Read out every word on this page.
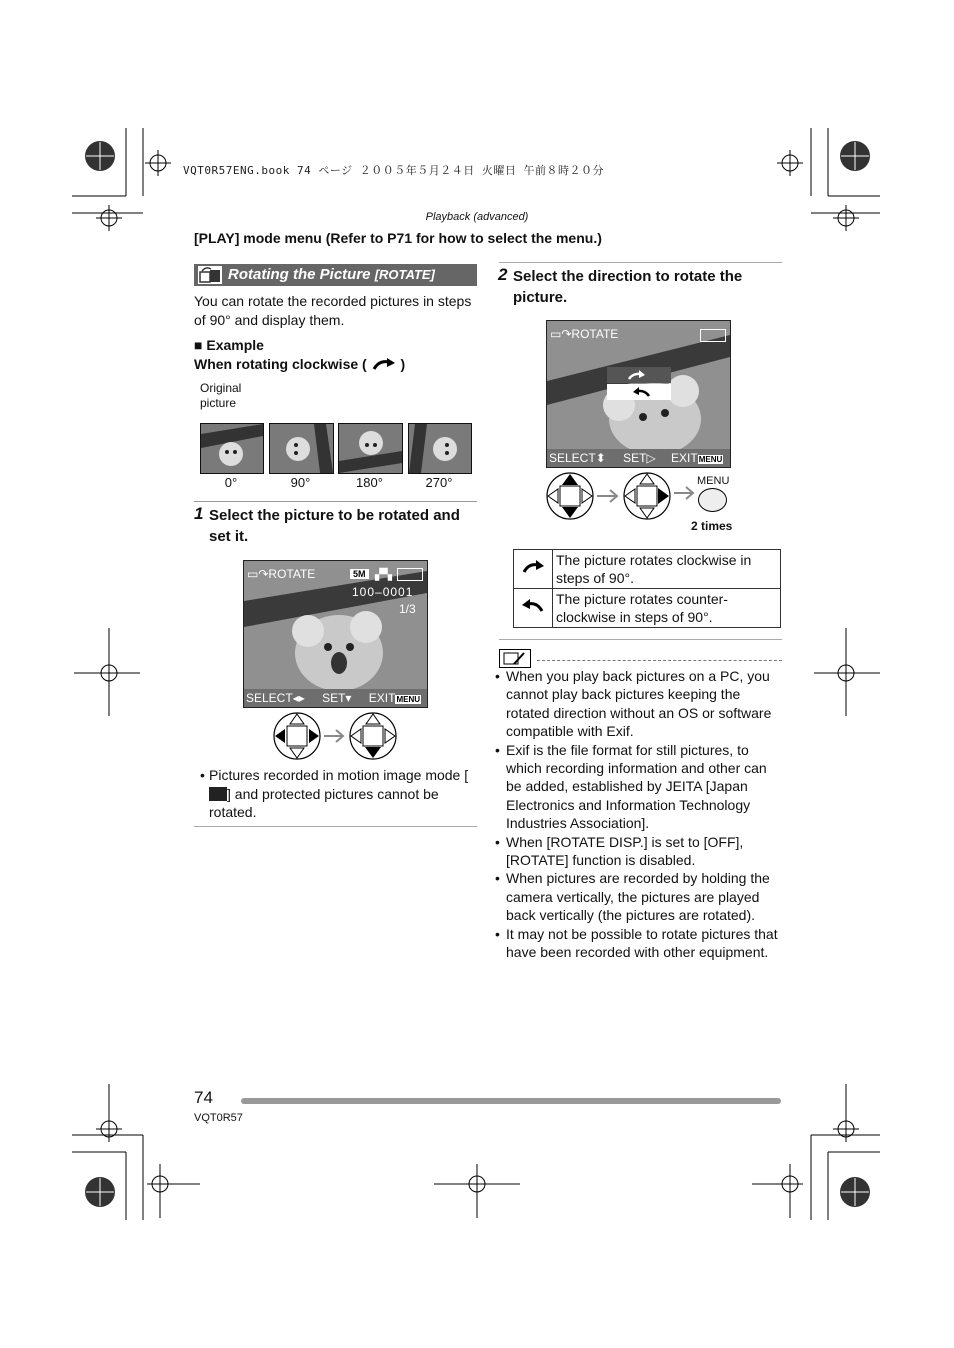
VQT0R57ENG.book 74 ページ ２００５年５月２４日 火曜日 午前８時２０分
Playback (advanced)
[PLAY] mode menu (Refer to P71 for how to select the menu.)
Rotating the Picture [ROTATE]
You can rotate the recorded pictures in steps of 90° and display them.
■ Example
When rotating clockwise ( )
Original
picture
0°	90°	180°	270°
1 Select the picture to be rotated and set it.
▭↷ROTATE	5M ▞▚
100–0001
1/3
SELECT◂▸ SET▾ EXITMENU
• Pictures recorded in motion image mode [] and protected pictures cannot be rotated.
2 Select the direction to rotate the picture.
▭↷ROTATE
SELECT⬍ SET▷ EXITMENU
MENU
2 times
	The picture rotates clockwise in steps of 90°.
	The picture rotates counter-clockwise in steps of 90°.
• When you play back pictures on a PC, you cannot play back pictures keeping the rotated direction without an OS or software compatible with Exif.
• Exif is the file format for still pictures, to which recording information and other can be added, established by JEITA [Japan Electronics and Information Technology Industries Association].
• When [ROTATE DISP.] is set to [OFF], [ROTATE] function is disabled.
• When pictures are recorded by holding the camera vertically, the pictures are played back vertically (the pictures are rotated).
• It may not be possible to rotate pictures that have been recorded with other equipment.
74
VQT0R57
